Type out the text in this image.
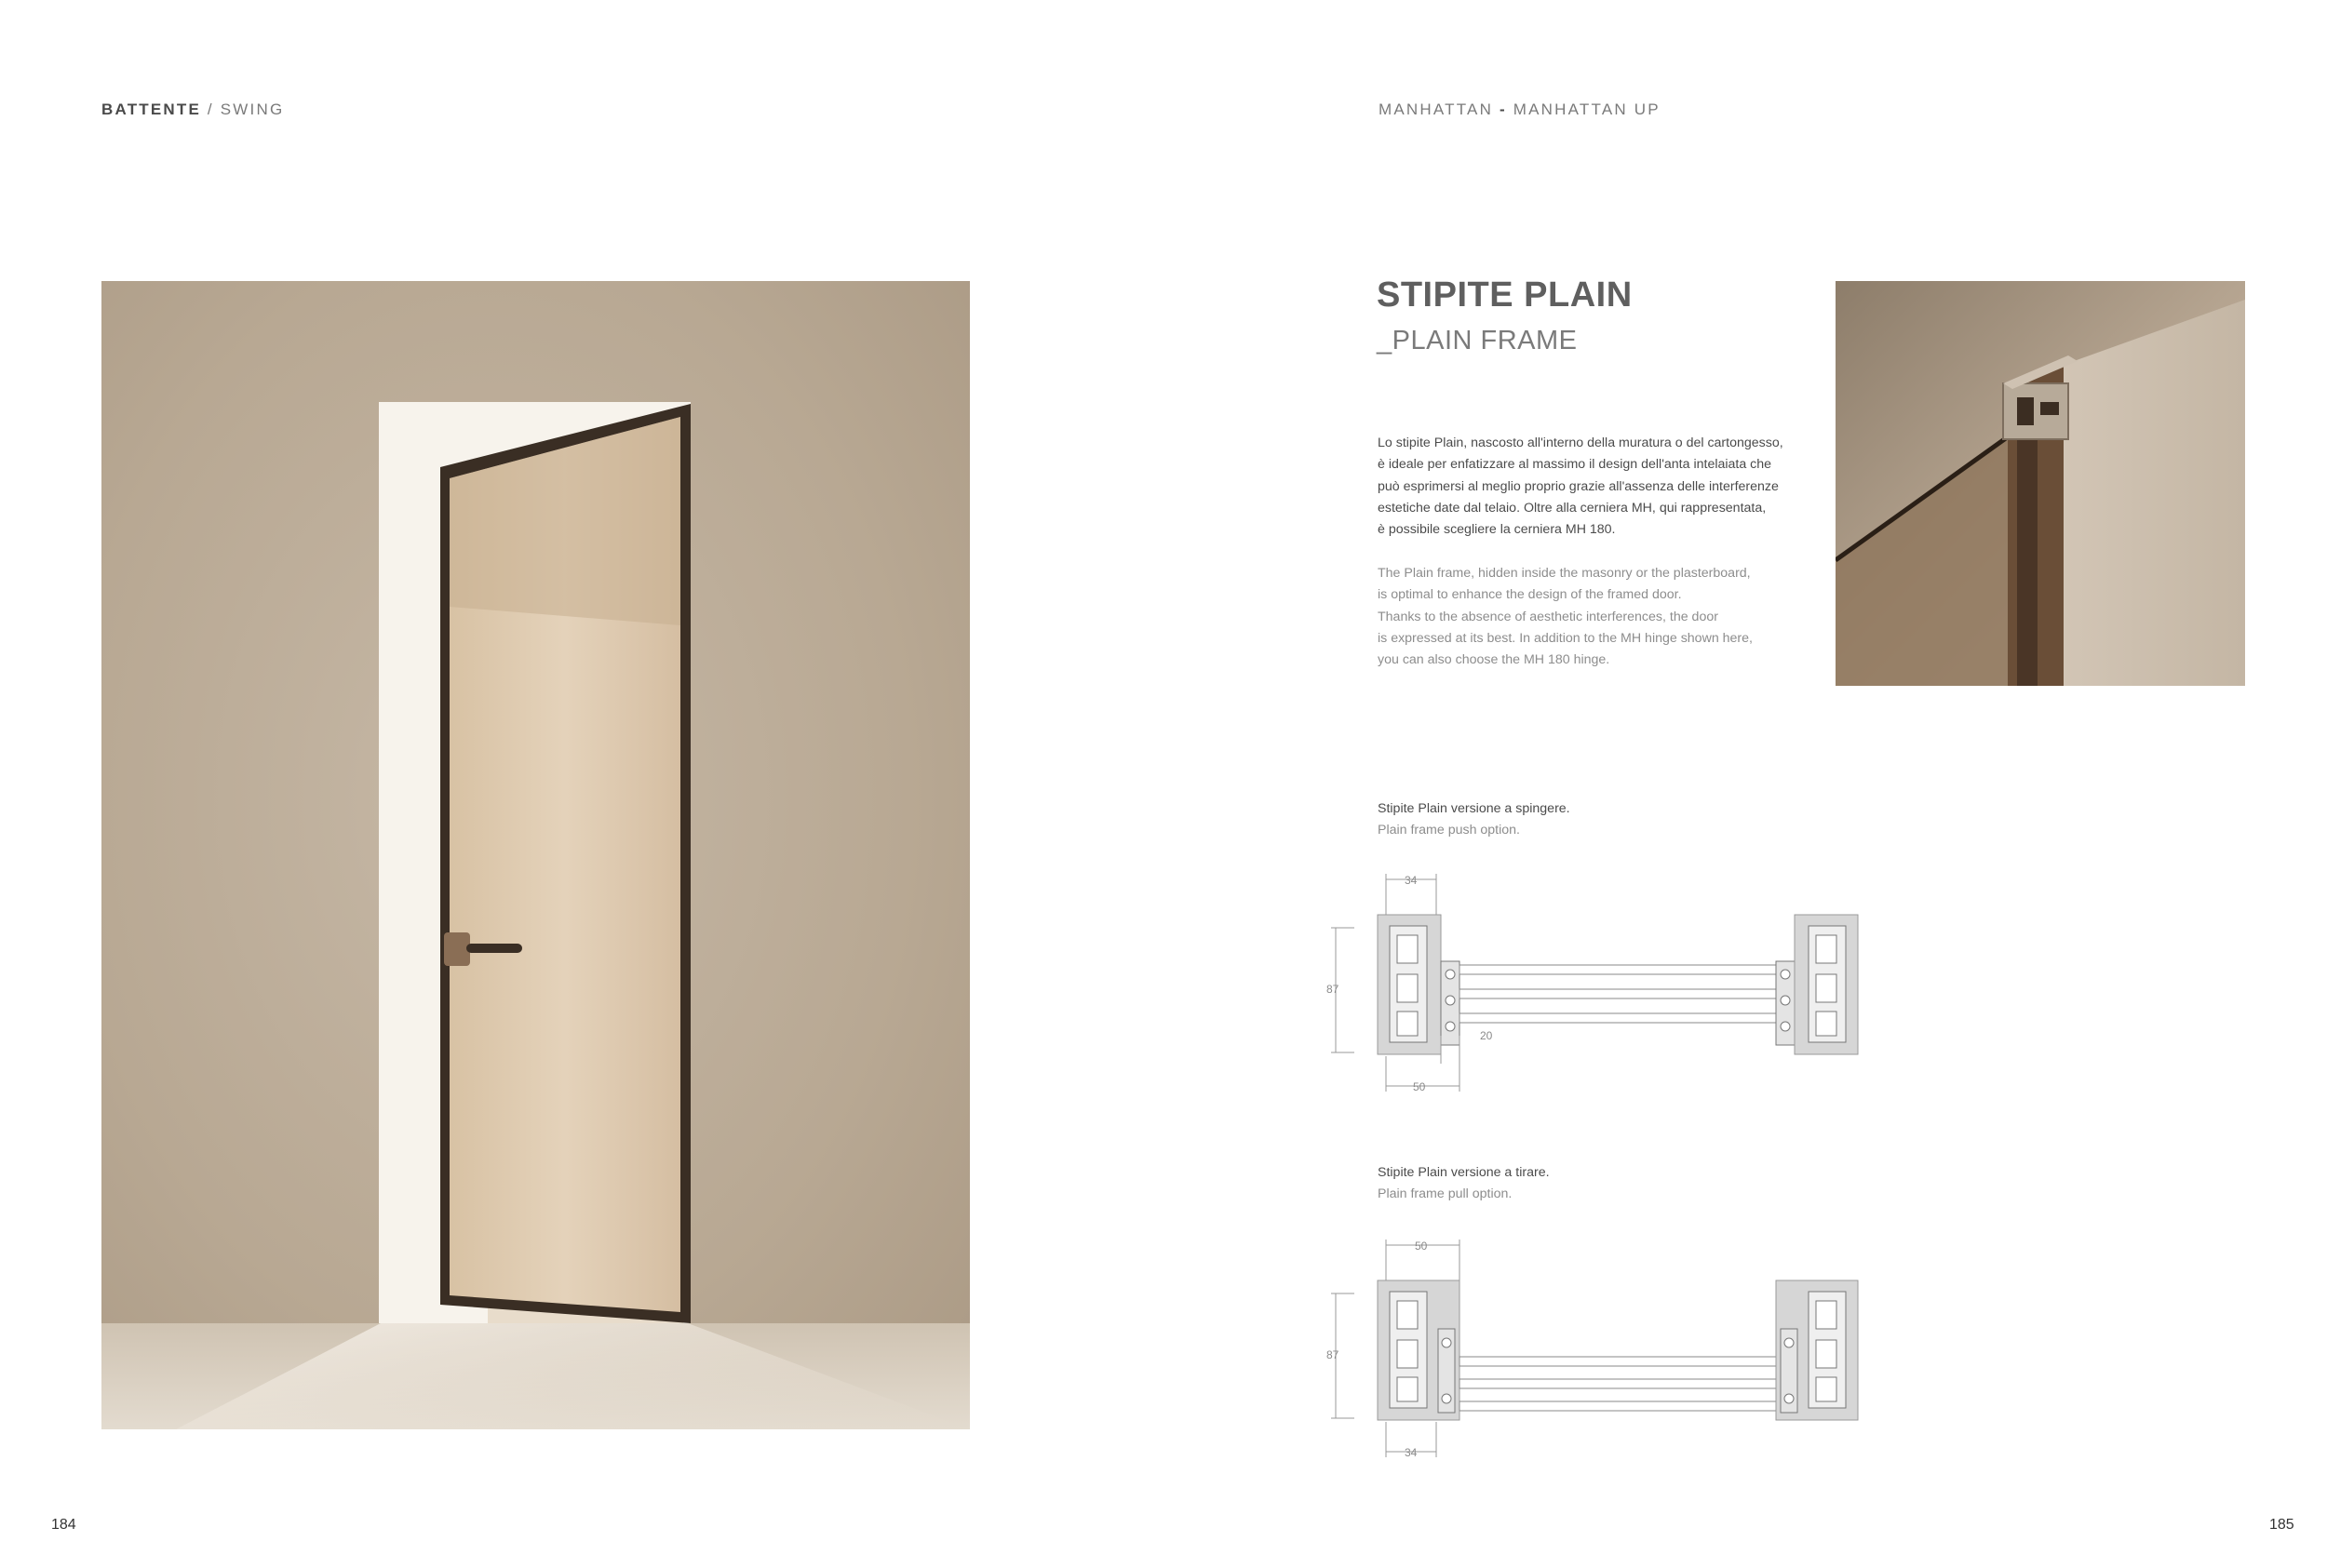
BATTENTE / SWING	MANHATTAN - MANHATTAN UP
STIPITE PLAIN
_PLAIN FRAME
Lo stipite Plain, nascosto all'interno della muratura o del cartongesso,
è ideale per enfatizzare al massimo il design dell'anta intelaiata che
può esprimersi al meglio proprio grazie all'assenza delle interferenze
estetiche date dal telaio. Oltre alla cerniera MH, qui rappresentata,
è possibile scegliere la cerniera MH 180.
The Plain frame, hidden inside the masonry or the plasterboard,
is optimal to enhance the design of the framed door.
Thanks to the absence of aesthetic interferences, the door
is expressed at its best. In addition to the MH hinge shown here,
you can also choose the MH 180 hinge.
Stipite Plain versione a spingere.
Plain frame push option.
34
87
20
50
Stipite Plain versione a tirare.
Plain frame pull option.
50
87
34
184	185
